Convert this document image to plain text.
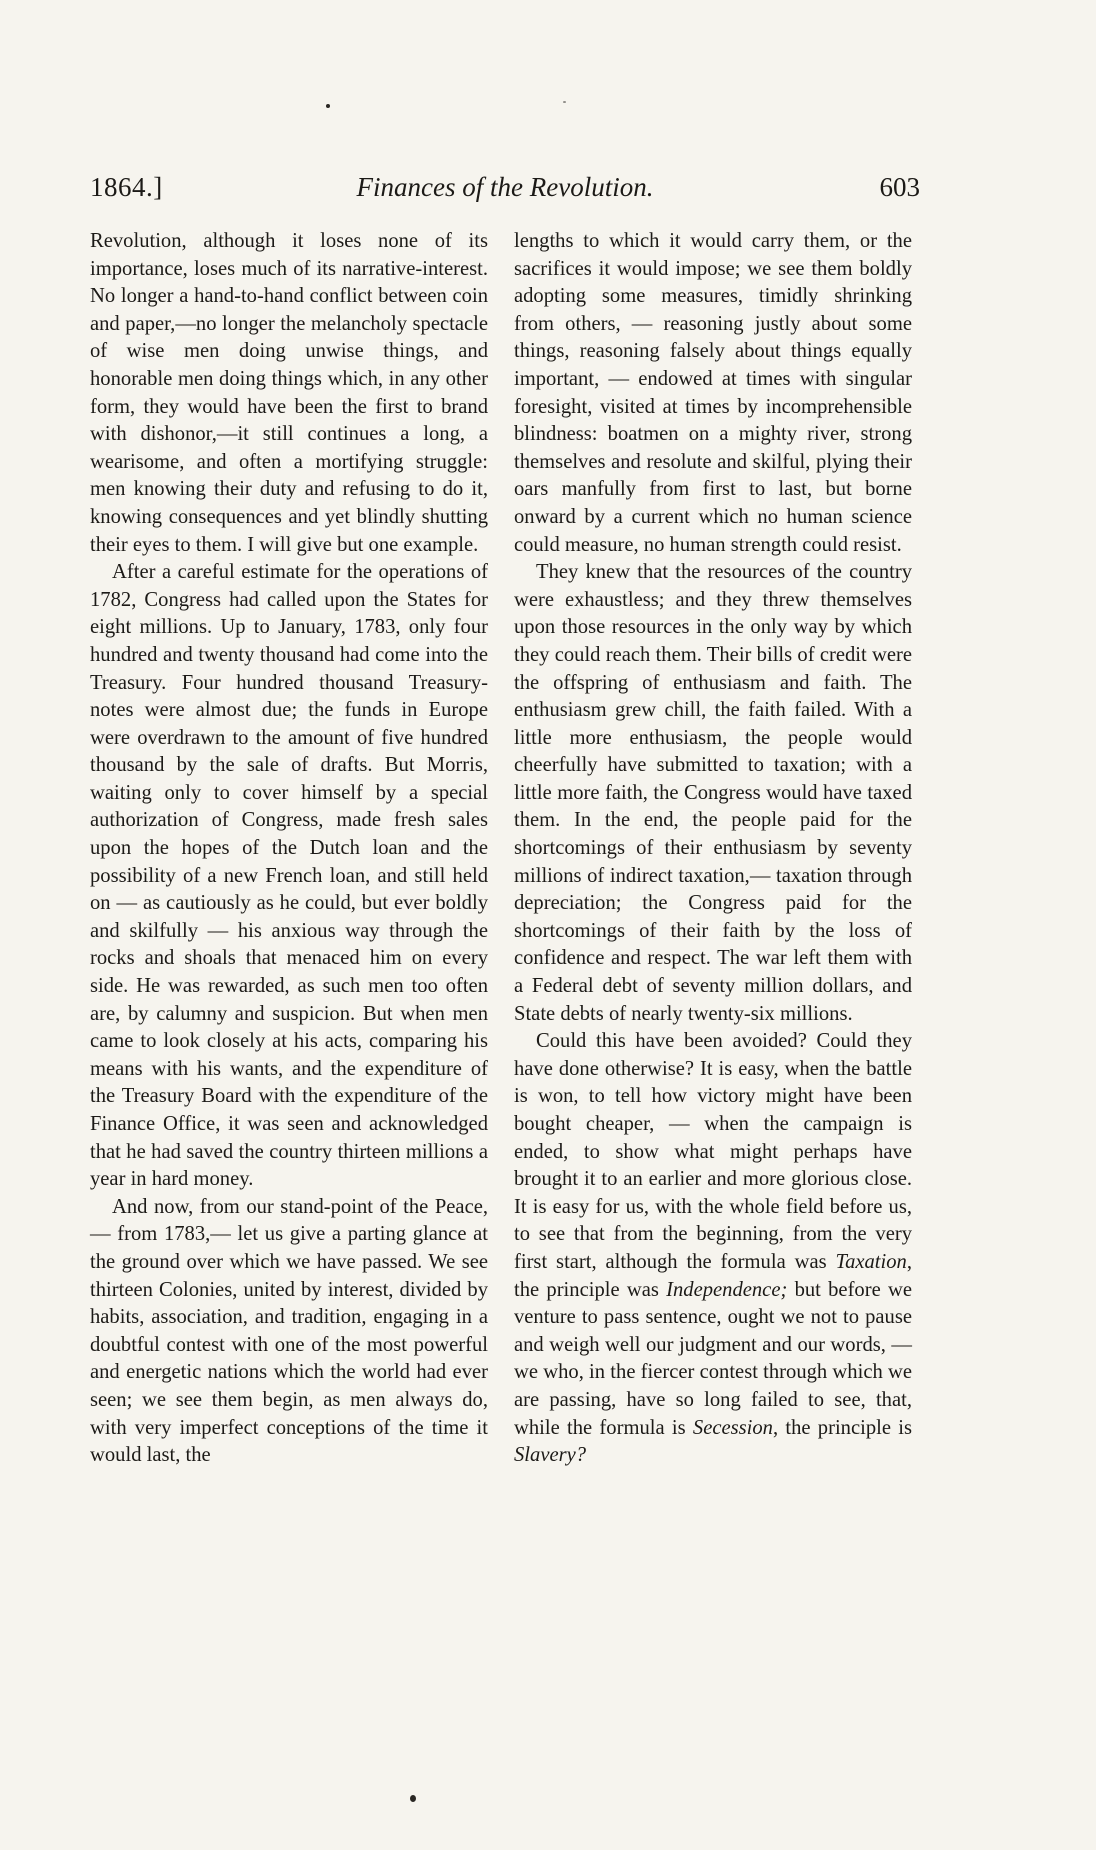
1864.]	Finances of the Revolution.	603

Revolution, although it loses none of its importance, loses much of its narrative-interest. No longer a hand-to-hand conflict between coin and paper,—no longer the melancholy spectacle of wise men doing unwise things, and honorable men doing things which, in any other form, they would have been the first to brand with dishonor,—it still continues a long, a wearisome, and often a mortifying struggle: men knowing their duty and refusing to do it, knowing consequences and yet blindly shutting their eyes to them. I will give but one example.

After a careful estimate for the operations of 1782, Congress had called upon the States for eight millions. Up to January, 1783, only four hundred and twenty thousand had come into the Treasury. Four hundred thousand Treasury-notes were almost due; the funds in Europe were overdrawn to the amount of five hundred thousand by the sale of drafts. But Morris, waiting only to cover himself by a special authorization of Congress, made fresh sales upon the hopes of the Dutch loan and the possibility of a new French loan, and still held on — as cautiously as he could, but ever boldly and skilfully — his anxious way through the rocks and shoals that menaced him on every side. He was rewarded, as such men too often are, by calumny and suspicion. But when men came to look closely at his acts, comparing his means with his wants, and the expenditure of the Treasury Board with the expenditure of the Finance Office, it was seen and acknowledged that he had saved the country thirteen millions a year in hard money.

And now, from our stand-point of the Peace, — from 1783,— let us give a parting glance at the ground over which we have passed. We see thirteen Colonies, united by interest, divided by habits, association, and tradition, engaging in a doubtful contest with one of the most powerful and energetic nations which the world had ever seen; we see them begin, as men always do, with very imperfect conceptions of the time it would last, the

lengths to which it would carry them, or the sacrifices it would impose; we see them boldly adopting some measures, timidly shrinking from others, — reasoning justly about some things, reasoning falsely about things equally important, — endowed at times with singular foresight, visited at times by incomprehensible blindness: boatmen on a mighty river, strong themselves and resolute and skilful, plying their oars manfully from first to last, but borne onward by a current which no human science could measure, no human strength could resist.

They knew that the resources of the country were exhaustless; and they threw themselves upon those resources in the only way by which they could reach them. Their bills of credit were the offspring of enthusiasm and faith. The enthusiasm grew chill, the faith failed. With a little more enthusiasm, the people would cheerfully have submitted to taxation; with a little more faith, the Congress would have taxed them. In the end, the people paid for the shortcomings of their enthusiasm by seventy millions of indirect taxation,— taxation through depreciation; the Congress paid for the shortcomings of their faith by the loss of confidence and respect. The war left them with a Federal debt of seventy million dollars, and State debts of nearly twenty-six millions.

Could this have been avoided? Could they have done otherwise? It is easy, when the battle is won, to tell how victory might have been bought cheaper, — when the campaign is ended, to show what might perhaps have brought it to an earlier and more glorious close. It is easy for us, with the whole field before us, to see that from the beginning, from the very first start, although the formula was Taxation, the principle was Independence; but before we venture to pass sentence, ought we not to pause and weigh well our judgment and our words, — we who, in the fiercer contest through which we are passing, have so long failed to see, that, while the formula is Secession, the principle is Slavery?
